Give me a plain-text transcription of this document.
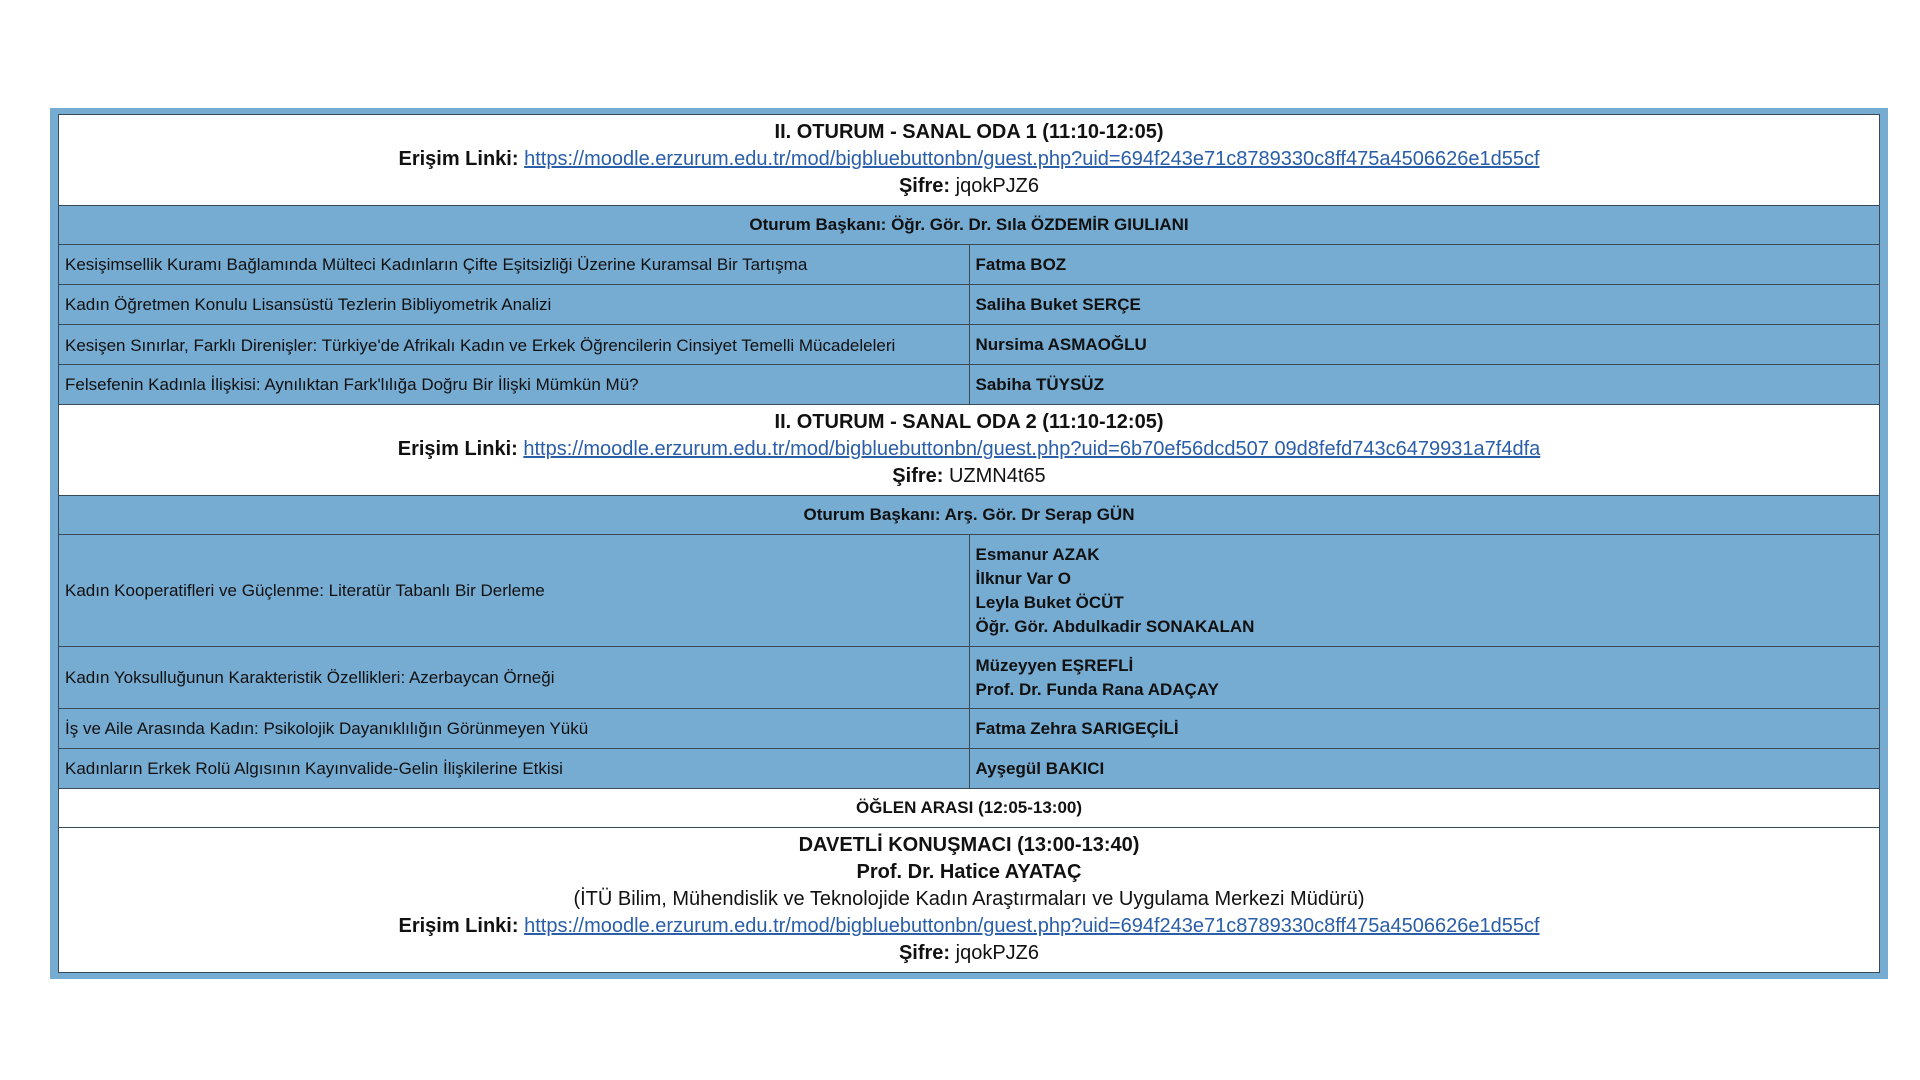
II. OTURUM - SANAL ODA 1 (11:10-12:05)
Erişim Linki: https://moodle.erzurum.edu.tr/mod/bigbluebuttonbn/guest.php?uid=694f243e71c8789330c8ff475a4506626e1d55cf
Şifre: jqokPJZ6	

Oturum Başkanı: Öğr. Gör. Dr. Sıla ÖZDEMİR GIULIANI	
Kesişimsellik Kuramı Bağlamında Mülteci Kadınların Çifte Eşitsizliği Üzerine Kuramsal Bir Tartışma	Fatma BOZ
Kadın Öğretmen Konulu Lisansüstü Tezlerin Bibliyometrik Analizi	Saliha Buket SERÇE

Kesişen Sınırlar, Farklı Direnişler: Türkiye'de Afrikalı Kadın ve Erkek Öğrencilerin Cinsiyet Temelli Mücadeleleri	Nursima ASMAOĞLU
Felsefenin Kadınla İlişkisi: Aynılıktan Fark'lılığa Doğru Bir İlişki Mümkün Mü?	Sabiha TÜYSÜZ

II. OTURUM - SANAL ODA 2 (11:10-12:05)
Erişim Linki: https://moodle.erzurum.edu.tr/mod/bigbluebuttonbn/guest.php?uid=6b70ef56dcd507 09d8fefd743c6479931a7f4dfa
Şifre: UZMN4t65	

Oturum Başkanı: Arş. Gör. Dr Serap GÜN	
Kadın Kooperatifleri ve Güçlenme: Literatür Tabanlı Bir Derleme	Esmanur AZAK
İlknur Var O
Leyla Buket ÖCÜT
Öğr. Gör. Abdulkadir SONAKALAN

Kadın Yoksulluğunun Karakteristik Özellikleri: Azerbaycan Örneği	Müzeyyen EŞREFLİ
Prof. Dr. Funda Rana ADAÇAY

İş ve Aile Arasında Kadın: Psikolojik Dayanıklılığın Görünmeyen Yükü	Fatma Zehra SARIGEÇİLİ
Kadınların Erkek Rolü Algısının Kayınvalide-Gelin İlişkilerine Etkisi	Ayşegül BAKICI
ÖĞLEN ARASI (12:05-13:00)	

DAVETLİ KONUŞMACI (13:00-13:40)
Prof. Dr. Hatice AYATAÇ
(İTÜ Bilim, Mühendislik ve Teknolojide Kadın Araştırmaları ve Uygulama Merkezi Müdürü)
Erişim Linki: https://moodle.erzurum.edu.tr/mod/bigbluebuttonbn/guest.php?uid=694f243e71c8789330c8ff475a4506626e1d55cf
Şifre: jqokPJZ6	
